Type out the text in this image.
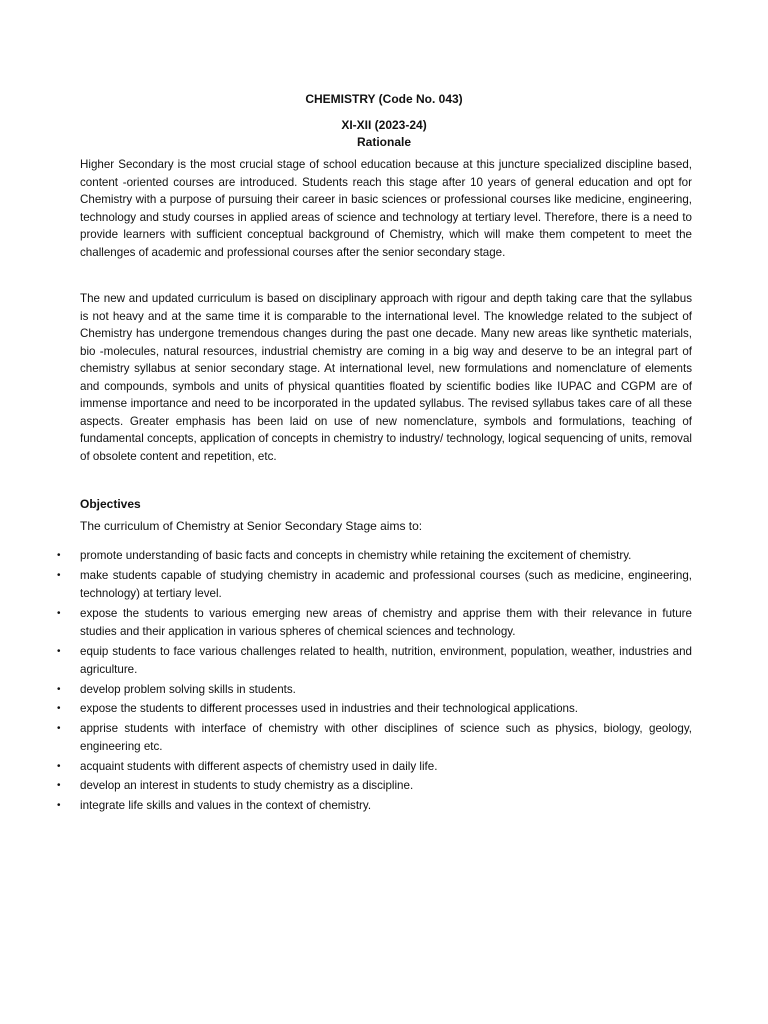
CHEMISTRY (Code No. 043)
XI-XII (2023-24)
Rationale

Higher Secondary is the most crucial stage of school education because at this juncture specialized discipline based, content -oriented courses are introduced. Students reach this stage after 10 years of general education and opt for Chemistry with a purpose of pursuing their career in basic sciences or professional courses like medicine, engineering, technology and study courses in applied areas of science and technology at tertiary level. Therefore, there is a need to provide learners with sufficient conceptual background of Chemistry, which will make them competent to meet the challenges of academic and professional courses after the senior secondary stage.

The new and updated curriculum is based on disciplinary approach with rigour and depth taking care that the syllabus is not heavy and at the same time it is comparable to the international level. The knowledge related to the subject of Chemistry has undergone tremendous changes during the past one decade. Many new areas like synthetic materials, bio -molecules, natural resources, industrial chemistry are coming in a big way and deserve to be an integral part of chemistry syllabus at senior secondary stage. At international level, new formulations and nomenclature of elements and compounds, symbols and units of physical quantities floated by scientific bodies like IUPAC and CGPM are of immense importance and need to be incorporated in the updated syllabus. The revised syllabus takes care of all these aspects. Greater emphasis has been laid on use of new nomenclature, symbols and formulations, teaching of fundamental concepts, application of concepts in chemistry to industry/ technology, logical sequencing of units, removal of obsolete content and repetition, etc.

Objectives
The curriculum of Chemistry at Senior Secondary Stage aims to:
• promote understanding of basic facts and concepts in chemistry while retaining the excitement of chemistry.
• make students capable of studying chemistry in academic and professional courses (such as medicine, engineering, technology) at tertiary level.
• expose the students to various emerging new areas of chemistry and apprise them with their relevance in future studies and their application in various spheres of chemical sciences and technology.
• equip students to face various challenges related to health, nutrition, environment, population, weather, industries and agriculture.
• develop problem solving skills in students.
• expose the students to different processes used in industries and their technological applications.
• apprise students with interface of chemistry with other disciplines of science such as physics, biology, geology, engineering etc.
• acquaint students with different aspects of chemistry used in daily life.
• develop an interest in students to study chemistry as a discipline.
• integrate life skills and values in the context of chemistry.
